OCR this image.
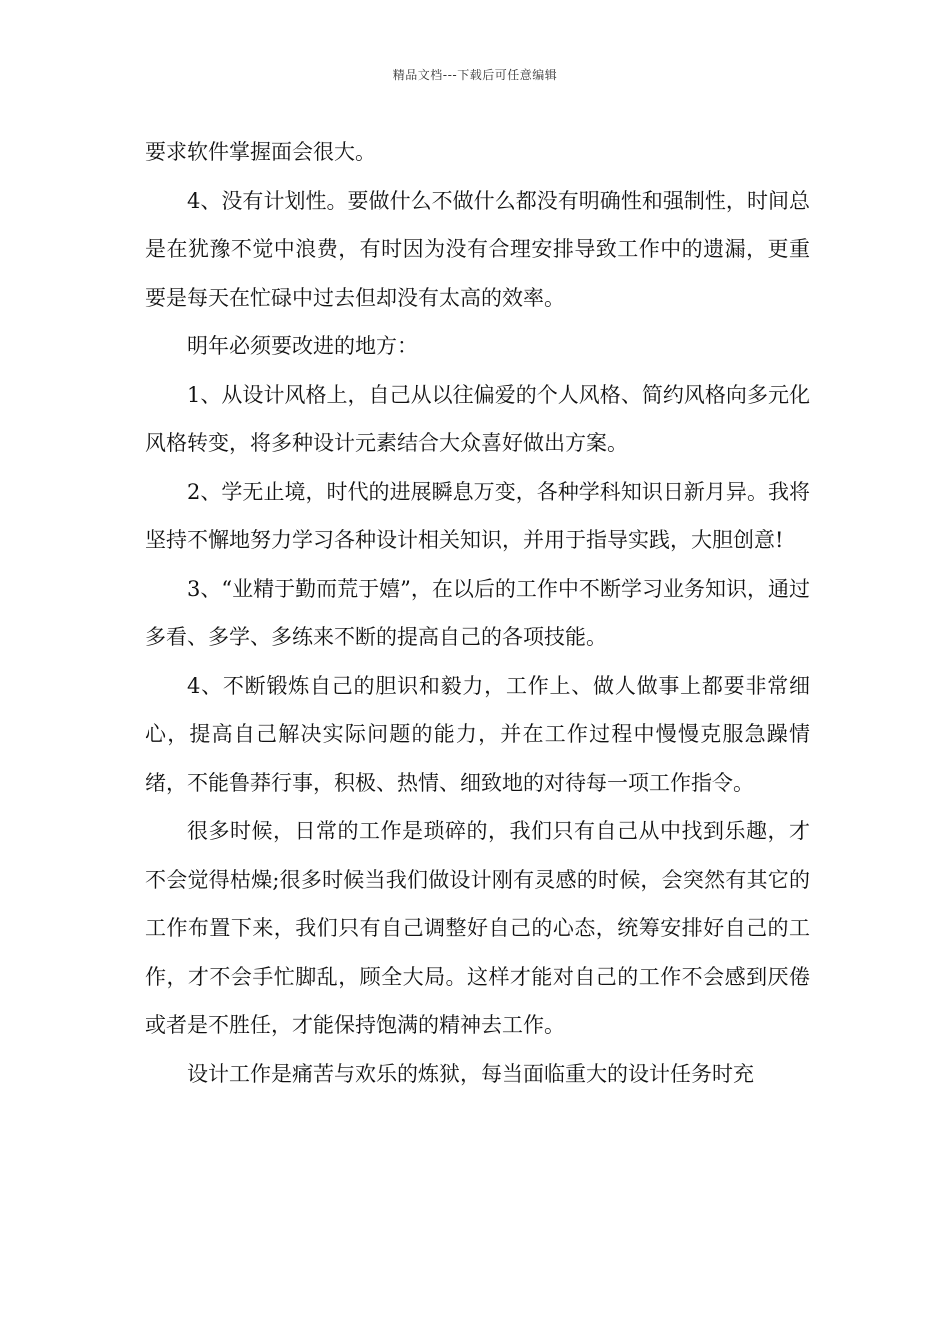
精品文档---下载后可任意编辑

要求软件掌握面会很大。

4、没有计划性。要做什么不做什么都没有明确性和强制性，时间总是在犹豫不觉中浪费，有时因为没有合理安排导致工作中的遗漏，更重要是每天在忙碌中过去但却没有太高的效率。

明年必须要改进的地方：

1、从设计风格上，自己从以往偏爱的个人风格、简约风格向多元化风格转变，将多种设计元素结合大众喜好做出方案。

2、学无止境，时代的进展瞬息万变，各种学科知识日新月异。我将坚持不懈地努力学习各种设计相关知识，并用于指导实践，大胆创意!

3、“业精于勤而荒于嬉”，在以后的工作中不断学习业务知识，通过多看、多学、多练来不断的提高自己的各项技能。

4、不断锻炼自己的胆识和毅力，工作上、做人做事上都要非常细心，提高自己解决实际问题的能力，并在工作过程中慢慢克服急躁情绪，不能鲁莽行事，积极、热情、细致地的对待每一项工作指令。

很多时候，日常的工作是琐碎的，我们只有自己从中找到乐趣，才不会觉得枯燥;很多时候当我们做设计刚有灵感的时候，会突然有其它的工作布置下来，我们只有自己调整好自己的心态，统筹安排好自己的工作，才不会手忙脚乱，顾全大局。这样才能对自己的工作不会感到厌倦或者是不胜任，才能保持饱满的精神去工作。

设计工作是痛苦与欢乐的炼狱，每当面临重大的设计任务时充
